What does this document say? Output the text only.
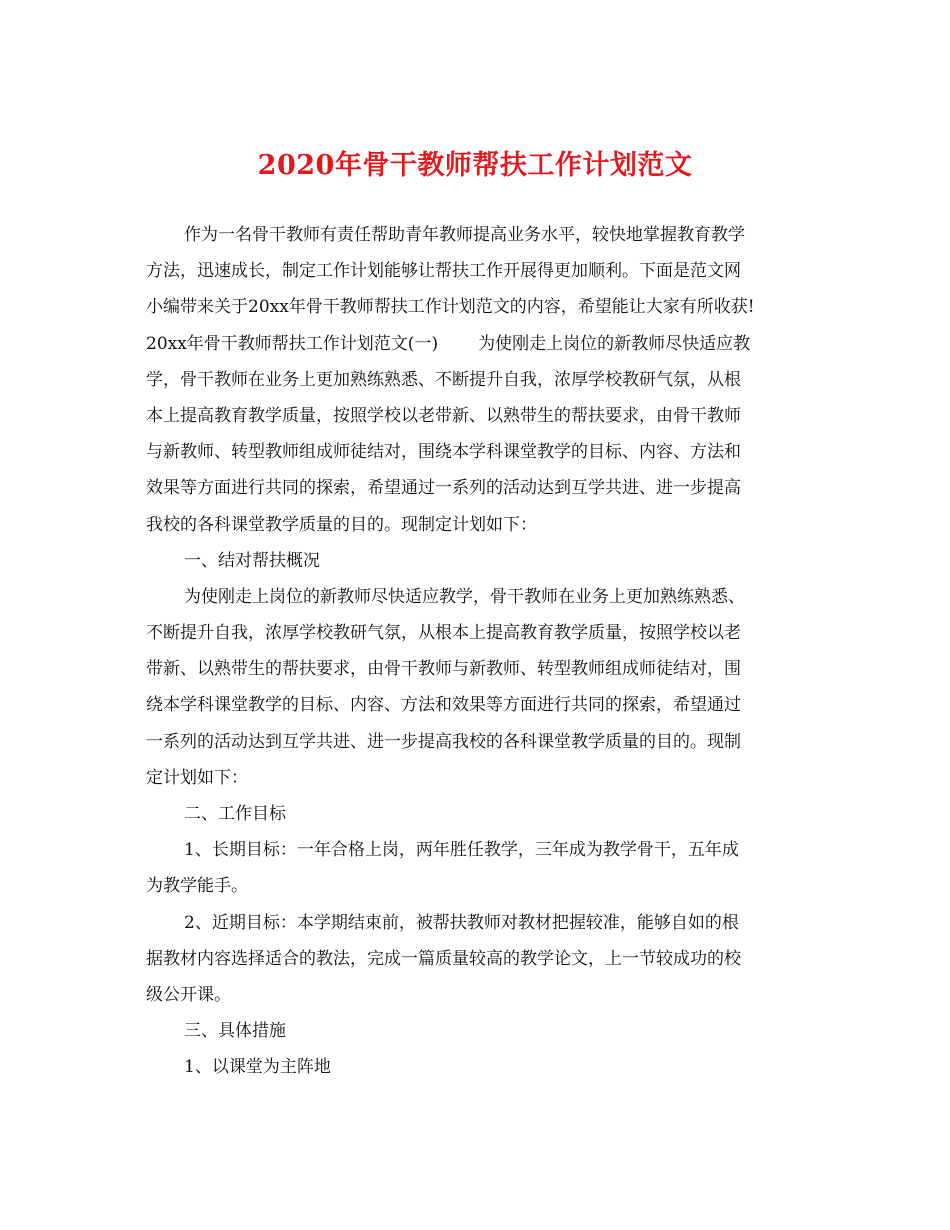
2020年骨干教师帮扶工作计划范文
作为一名骨干教师有责任帮助青年教师提高业务水平，较快地掌握教育教学
方法，迅速成长，制定工作计划能够让帮扶工作开展得更加顺利。下面是范文网
小编带来关于20xx年骨干教师帮扶工作计划范文的内容，希望能让大家有所收获!
20xx年骨干教师帮扶工作计划范文(一) 为使刚走上岗位的新教师尽快适应教
学，骨干教师在业务上更加熟练熟悉、不断提升自我，浓厚学校教研气氛，从根
本上提高教育教学质量，按照学校以老带新、以熟带生的帮扶要求，由骨干教师
与新教师、转型教师组成师徒结对，围绕本学科课堂教学的目标、内容、方法和
效果等方面进行共同的探索，希望通过一系列的活动达到互学共进、进一步提高
我校的各科课堂教学质量的目的。现制定计划如下：
一、结对帮扶概况
为使刚走上岗位的新教师尽快适应教学，骨干教师在业务上更加熟练熟悉、
不断提升自我，浓厚学校教研气氛，从根本上提高教育教学质量，按照学校以老
带新、以熟带生的帮扶要求，由骨干教师与新教师、转型教师组成师徒结对，围
绕本学科课堂教学的目标、内容、方法和效果等方面进行共同的探索，希望通过
一系列的活动达到互学共进、进一步提高我校的各科课堂教学质量的目的。现制
定计划如下：
二、工作目标
1、长期目标：一年合格上岗，两年胜任教学，三年成为教学骨干，五年成
为教学能手。
2、近期目标：本学期结束前，被帮扶教师对教材把握较准，能够自如的根
据教材内容选择适合的教法，完成一篇质量较高的教学论文，上一节较成功的校
级公开课。
三、具体措施
1、以课堂为主阵地
